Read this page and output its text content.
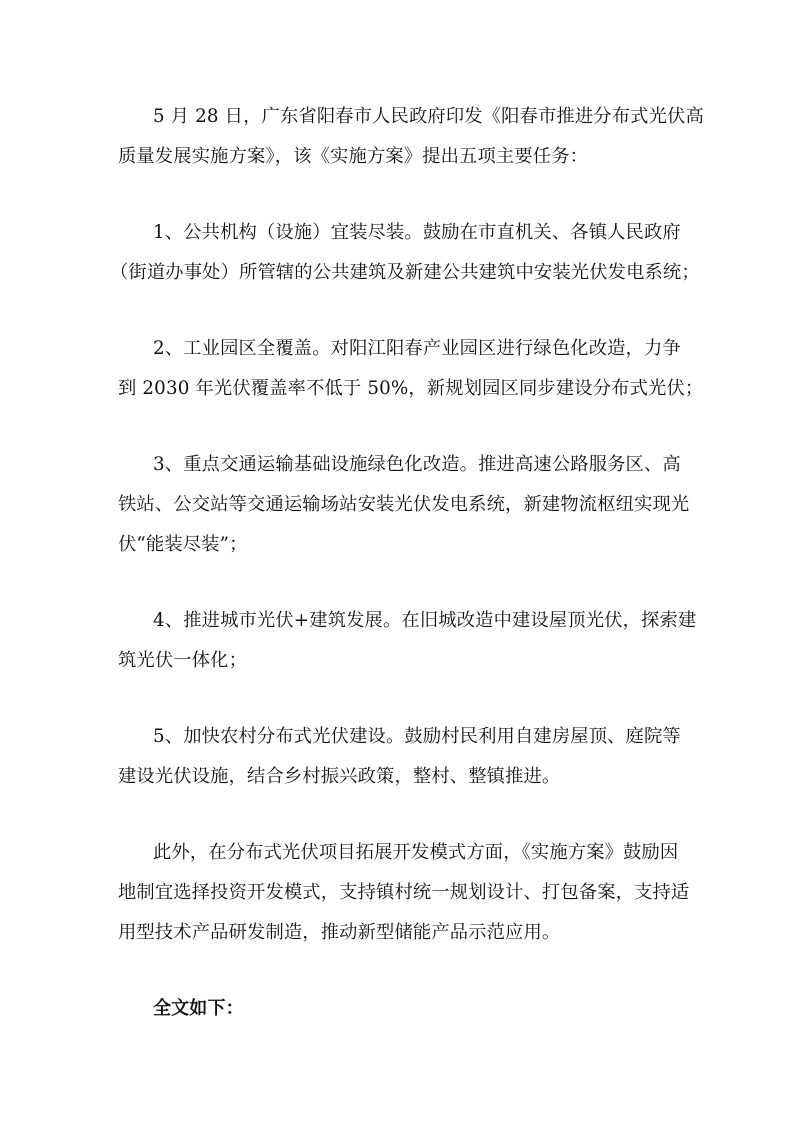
5 月 28 日，广东省阳春市人民政府印发《阳春市推进分布式光伏高
质量发展实施方案》，该《实施方案》提出五项主要任务：
1、公共机构（设施）宜装尽装。鼓励在市直机关、各镇人民政府
（街道办事处）所管辖的公共建筑及新建公共建筑中安装光伏发电系统；
2、工业园区全覆盖。对阳江阳春产业园区进行绿色化改造，力争
到 2030 年光伏覆盖率不低于 50%，新规划园区同步建设分布式光伏；
3、重点交通运输基础设施绿色化改造。推进高速公路服务区、高
铁站、公交站等交通运输场站安装光伏发电系统，新建物流枢纽实现光
伏“能装尽装”；
4、推进城市光伏+建筑发展。在旧城改造中建设屋顶光伏，探索建
筑光伏一体化；
5、加快农村分布式光伏建设。鼓励村民利用自建房屋顶、庭院等
建设光伏设施，结合乡村振兴政策，整村、整镇推进。
此外，在分布式光伏项目拓展开发模式方面，《实施方案》鼓励因
地制宜选择投资开发模式，支持镇村统一规划设计、打包备案，支持适
用型技术产品研发制造，推动新型储能产品示范应用。
全文如下：
